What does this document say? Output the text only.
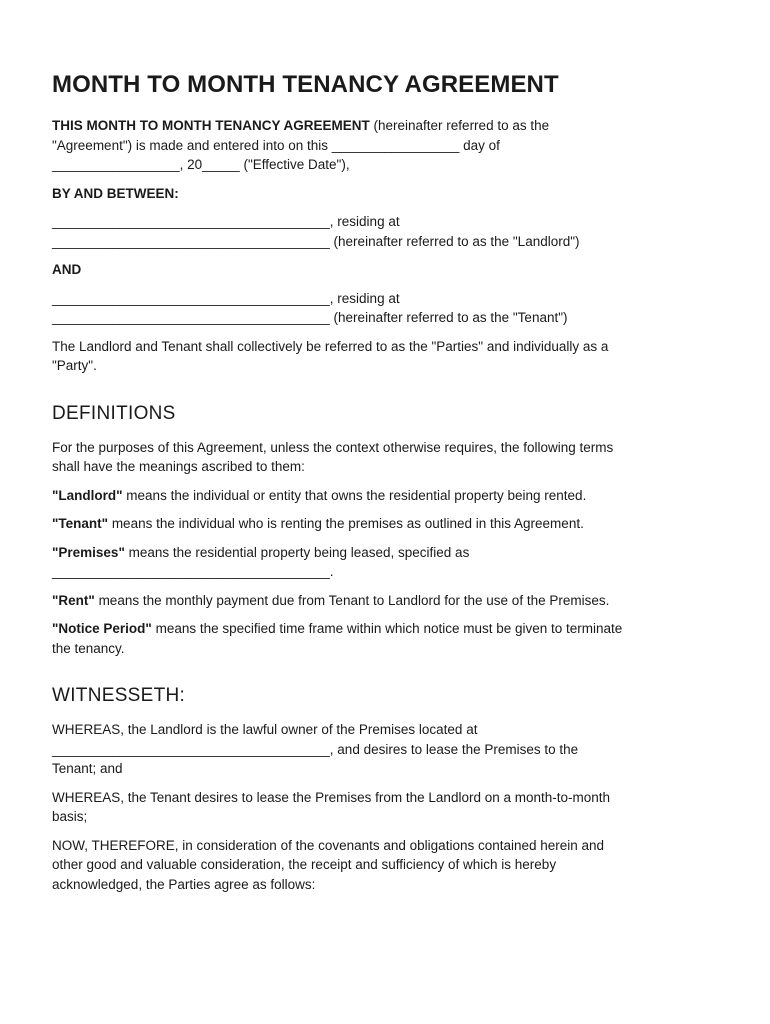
MONTH TO MONTH TENANCY AGREEMENT

THIS MONTH TO MONTH TENANCY AGREEMENT (hereinafter referred to as the
"Agreement") is made and entered into on this _________________ day of
_________________, 20_____ ("Effective Date"),

BY AND BETWEEN:

_____________________________________, residing at
_____________________________________ (hereinafter referred to as the "Landlord")

AND

_____________________________________, residing at
_____________________________________ (hereinafter referred to as the "Tenant")

The Landlord and Tenant shall collectively be referred to as the "Parties" and individually as a
"Party".

DEFINITIONS

For the purposes of this Agreement, unless the context otherwise requires, the following terms
shall have the meanings ascribed to them:

"Landlord" means the individual or entity that owns the residential property being rented.

"Tenant" means the individual who is renting the premises as outlined in this Agreement.

"Premises" means the residential property being leased, specified as
_____________________________________.

"Rent" means the monthly payment due from Tenant to Landlord for the use of the Premises.

"Notice Period" means the specified time frame within which notice must be given to terminate
the tenancy.

WITNESSETH:

WHEREAS, the Landlord is the lawful owner of the Premises located at
_____________________________________, and desires to lease the Premises to the
Tenant; and

WHEREAS, the Tenant desires to lease the Premises from the Landlord on a month-to-month
basis;

NOW, THEREFORE, in consideration of the covenants and obligations contained herein and
other good and valuable consideration, the receipt and sufficiency of which is hereby
acknowledged, the Parties agree as follows:
